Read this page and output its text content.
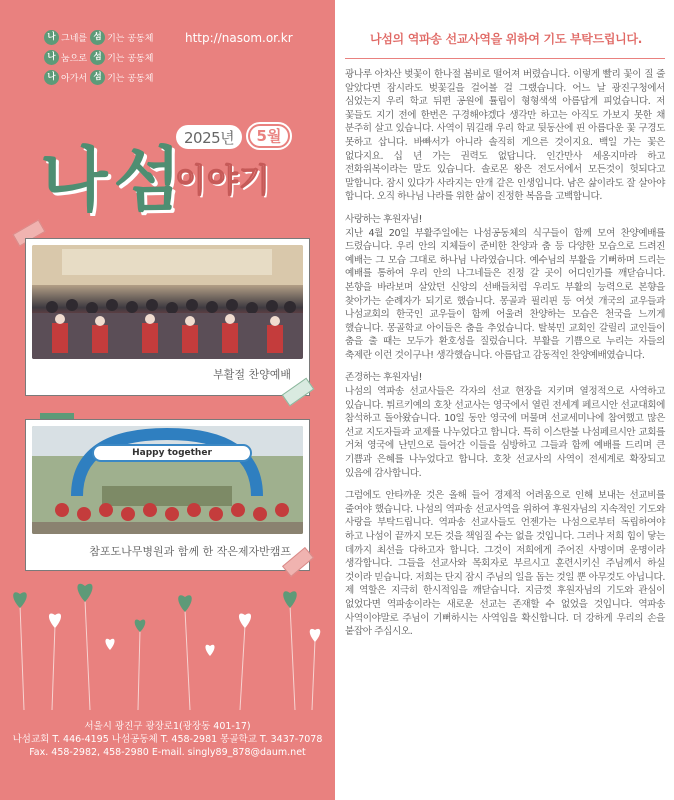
나 그네를 섬 기는 공동체
나 눔으로 섬 기는 공동체
나 아가서 섬 기는 공동체
http://nasom.or.kr
2025년	5월
나섬
이야기
부활절 찬양예배
Happy together
참포도나무병원과 함께 한 작은제자반캠프
서울시 광진구 광장로1(광장동 401-17)
나섬교회 T. 446-4195 나섬공동체 T. 458-2981 몽골학교 T. 3437-7078
Fax. 458-2982, 458-2980 E-mail. singly89_878@daum.net
나섬의 역파송 선교사역을 위하여 기도 부탁드립니다.

광나루 아차산 벚꽃이 한나절 봄비로 떨어져 버렸습니다. 이렇게 빨리 꽃이 질 줄 알았다면 잠시라도 벚꽃길을 걸어볼 걸 그랬습니다. 어느 날 광진구청에서 심었는지 우리 학교 뒤편 공원에 튤립이 형형색색 아름답게 피었습니다. 저 꽃들도 지기 전에 한번은 구경해야겠다 생각만 하고는 아직도 가보지 못한 채 분주히 살고 있습니다. 사역이 뭐길래 우리 학교 뒷동산에 핀 아름다운 꽃 구경도 못하고 삽니다. 바빠서가 아니라 솔직히 게으른 것이지요. 백일 가는 꽃은 없다지요. 십 년 가는 권력도 없답니다. 인간만사 세옹지마라 하고 전화위복이라는 말도 있습니다. 솔로몬 왕은 전도서에서 모든것이 헛되다고 말합니다. 잠시 있다가 사라지는 안개 같은 인생입니다. 남은 삶이라도 잘 살아야 합니다. 오직 하나님 나라를 위한 삶이 진정한 복음을 고백합니다.

사랑하는 후원자님!
지난 4월 20일 부활주일에는 나섬공동체의 식구들이 함께 모여 찬양예배를 드렸습니다. 우리 안의 지체들이 준비한 찬양과 춤 등 다양한 모습으로 드려진 예배는 그 모습 그대로 하나님 나라였습니다. 예수님의 부활을 기뻐하며 드리는 예배를 통하여 우리 안의 나그네들은 진정 갈 곳이 어디인가를 깨닫습니다. 본향을 바라보며 살았던 신앙의 선배들처럼 우리도 부활의 능력으로 본향을 찾아가는 순례자가 되기로 했습니다. 몽골과 필리핀 등 여섯 개국의 교우들과 나섬교회의 한국인 교우들이 함께 어울려 찬양하는 모습은 천국을 느끼게 했습니다. 몽골학교 아이들은 춤을 추었습니다. 탈북민 교회인 갈릴리 교인들이 춤을 출 때는 모두가 환호성을 질렀습니다. 부활을 기쁨으로 누리는 자들의 축제란 이런 것이구나! 생각했습니다. 아름답고 감동적인 찬양예배였습니다.

존경하는 후원자님!
나섬의 역파송 선교사들은 각자의 선교 현장을 지키며 열정적으로 사역하고 있습니다. 튀르키예의 호찻 선교사는 영국에서 열린 전세계 페르시안 선교대회에 참석하고 돌아왔습니다. 10일 동안 영국에 머물며 선교세미나에 참여했고 많은 선교 지도자들과 교제를 나누었다고 합니다. 특히 이스탄불 나섬페르시안 교회를 거쳐 영국에 난민으로 들어간 이들을 심방하고 그들과 함께 예배를 드리며 큰 기쁨과 은혜를 나누었다고 합니다. 호찻 선교사의 사역이 전세계로 확장되고 있음에 감사합니다.

그럼에도 안타까운 것은 올해 들어 경제적 어려움으로 인해 보내는 선교비를 줄여야 했습니다. 나섬의 역파송 선교사역을 위하여 후원자님의 지속적인 기도와 사랑을 부탁드립니다. 역파송 선교사들도 언젠가는 나섬으로부터 독립하여야 하고 나섬이 끝까지 모든 것을 책임질 수는 없을 것입니다. 그러나 저희 힘이 닿는 데까지 최선을 다하고자 합니다. 그것이 저희에게 주어진 사명이며 운명이라 생각합니다. 그들을 선교사와 목회자로 부르시고 훈련시키신 주님께서 하실 것이라 믿습니다. 저희는 단지 잠시 주님의 일을 돕는 것일 뿐 아무것도 아닙니다. 제 역할은 지극히 한시적임을 깨닫습니다. 지금껏 후원자님의 기도와 관심이 없었다면 역파송이라는 새로운 선교는 존재할 수 없었을 것입니다. 역파송 사역이야말로 주님이 기뻐하시는 사역임을 확신합니다. 더 강하게 우리의 손을 붙잡아 주십시오.
